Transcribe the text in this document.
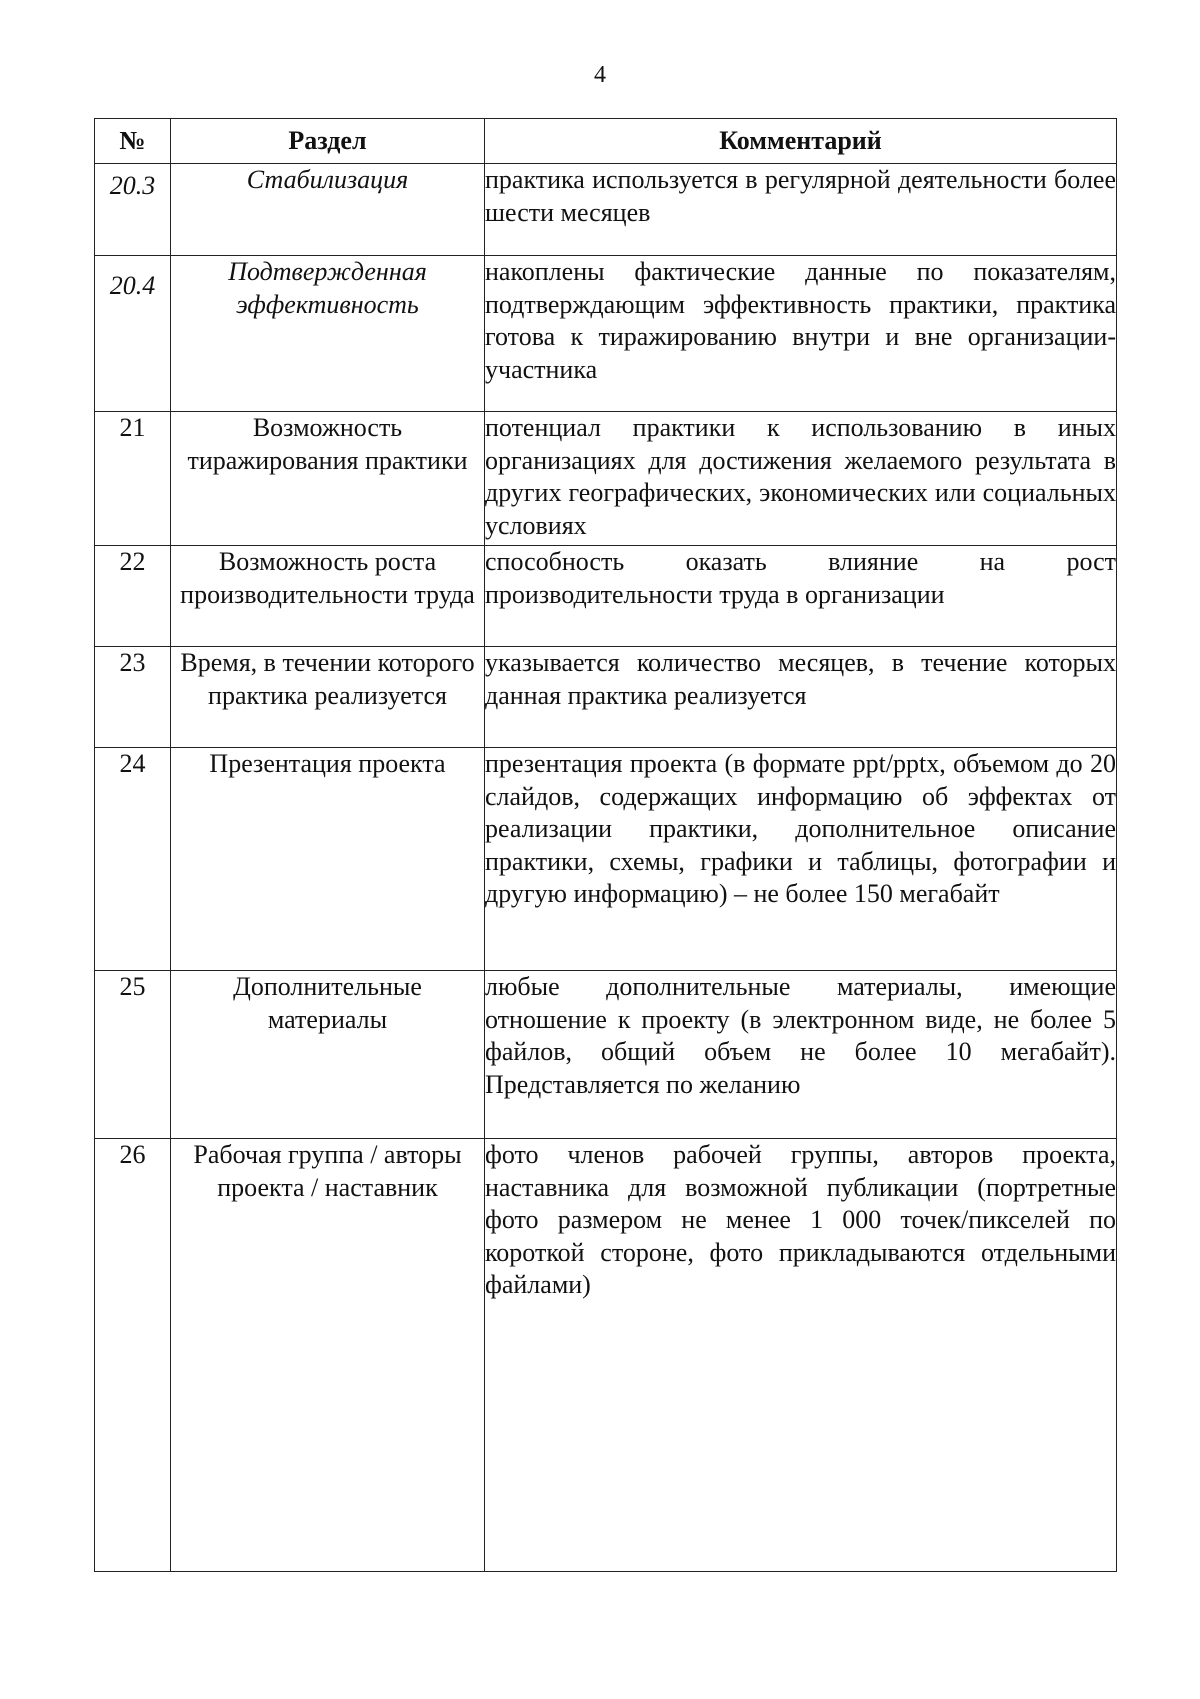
4
№	Раздел	Комментарий
20.3	Стабилизация	практика используется в регулярной деятельности более шести месяцев
20.4	Подтвержденная эффективность	накоплены фактические данные по показателям, подтверждающим эффективность практики, практика готова к тиражированию внутри и вне организации-участника
21	Возможность тиражирования практики	потенциал практики к использованию в иных организациях для достижения желаемого результата в других географических, экономических или социальных условиях
22	Возможность роста производительности труда	способность оказать влияние на рост производительности труда в организации
23	Время, в течении которого практика реализуется	указывается количество месяцев, в течение которых данная практика реализуется
24	Презентация проекта	презентация проекта (в формате ppt/pptx, объемом до 20 слайдов, содержащих информацию об эффектах от реализации практики, дополнительное описание практики, схемы, графики и таблицы, фотографии и другую информацию) – не более 150 мегабайт
25	Дополнительные материалы	любые дополнительные материалы, имеющие отношение к проекту (в электронном виде, не более 5 файлов, общий объем не более 10 мегабайт). Представляется по желанию
26	Рабочая группа / авторы проекта / наставник	фото членов рабочей группы, авторов проекта, наставника для возможной публикации (портретные фото размером не менее 1 000 точек/пикселей по короткой стороне, фото прикладываются отдельными файлами)
